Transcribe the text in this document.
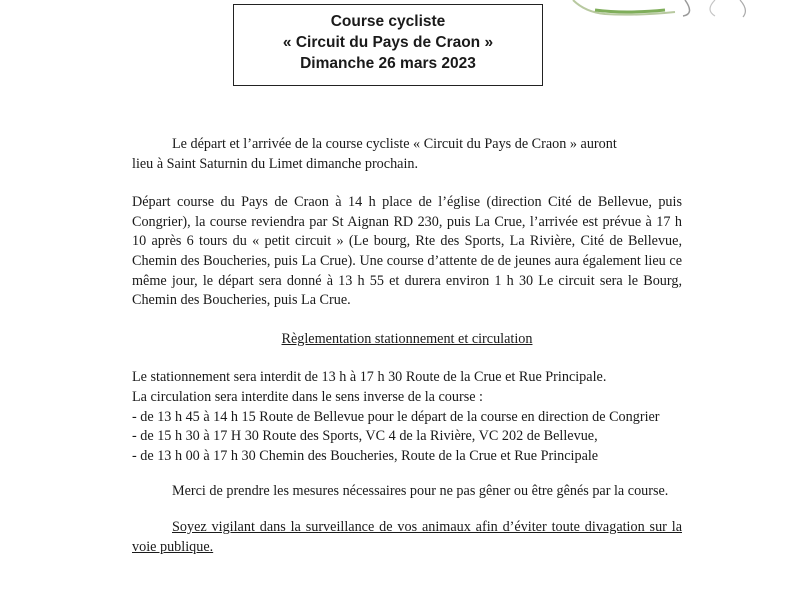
Course cycliste
« Circuit du Pays de Craon »
Dimanche 26 mars 2023

Le départ et l’arrivée de la course cycliste « Circuit du Pays de Craon » auront

lieu à Saint Saturnin du Limet dimanche prochain.

Départ course du Pays de Craon à 14 h place de l’église (direction Cité de Bellevue, puis Congrier), la course reviendra par St Aignan RD 230, puis La Crue, l’arrivée est prévue à 17 h 10 après 6 tours du « petit circuit » (Le bourg, Rte des Sports, La Rivière, Cité de Bellevue, Chemin des Boucheries, puis La Crue). Une course d’attente de de jeunes aura également lieu ce même jour, le départ sera donné à 13 h 55 et durera environ 1 h 30 Le circuit sera le Bourg, Chemin des Boucheries, puis La Crue.

Règlementation stationnement et circulation

Le stationnement sera interdit de 13 h à 17 h 30 Route de la Crue et Rue Principale.

La circulation sera interdite dans le sens inverse de la course :

- de 13 h 45 à 14 h 15 Route de Bellevue pour le départ de la course en direction de Congrier

- de 15 h 30 à 17 H 30 Route des Sports, VC 4 de la Rivière, VC 202 de Bellevue,

- de 13 h 00 à 17 h 30 Chemin des Boucheries, Route de la Crue et Rue Principale

Merci de prendre les mesures nécessaires pour ne pas gêner ou être gênés par la course.

Soyez vigilant dans la surveillance de vos animaux afin d’éviter toute divagation sur la voie publique.
